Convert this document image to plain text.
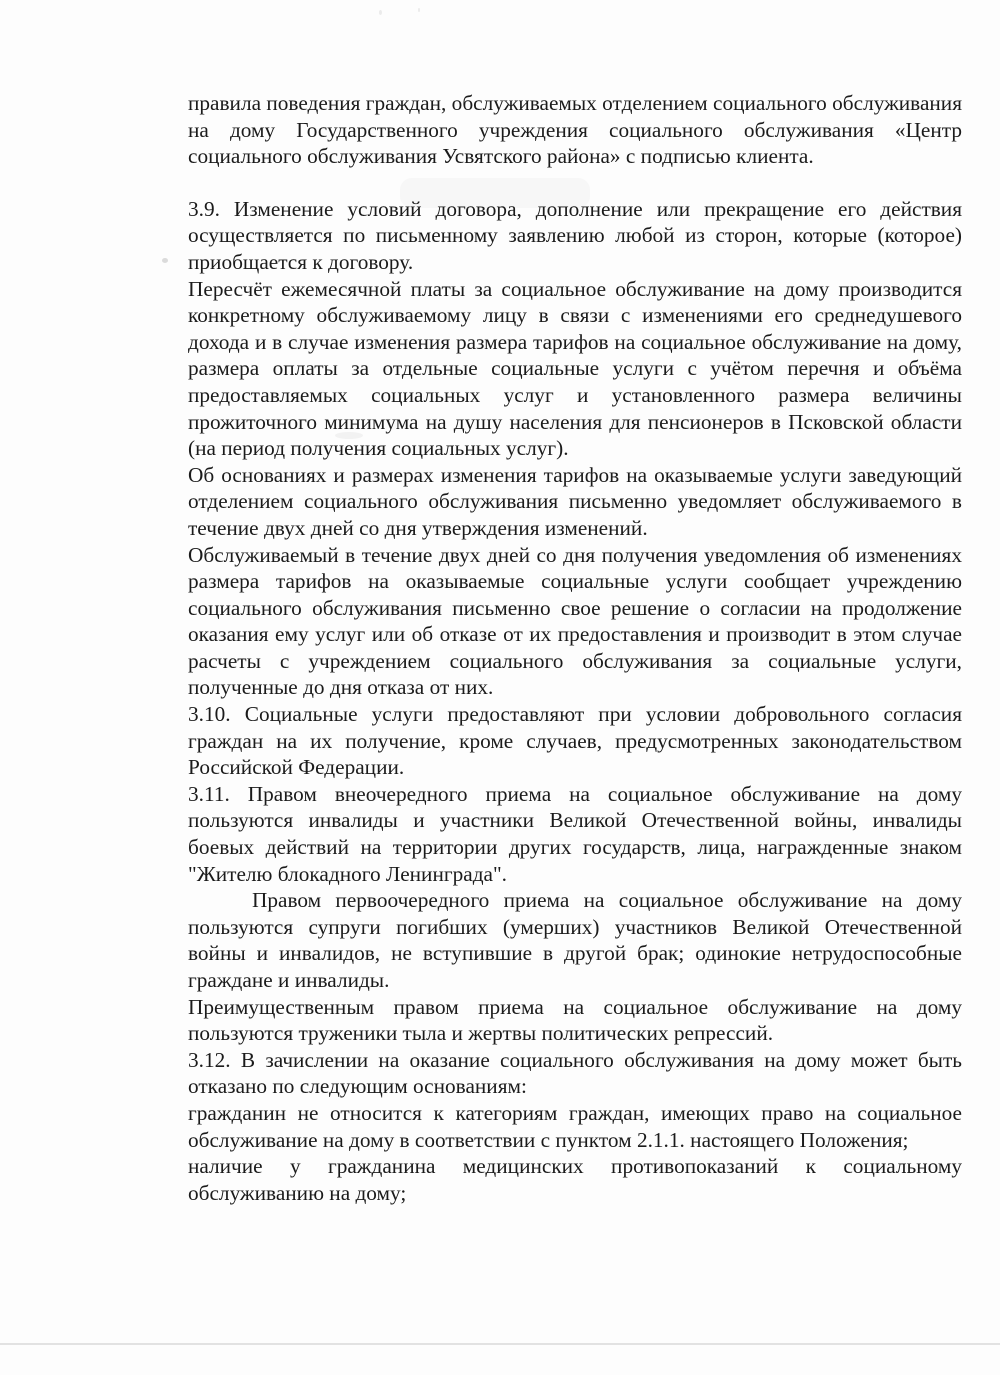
правила поведения граждан, обслуживаемых отделением социального обслуживания на дому Государственного учреждения социального обслуживания «Центр социального обслуживания Усвятского района» с подписью клиента.

3.9. Изменение условий договора, дополнение или прекращение его действия осуществляется по письменному заявлению любой из сторон, которые (которое) приобщается к договору.

Пересчёт ежемесячной платы за социальное обслуживание на дому производится конкретному обслуживаемому лицу в связи с изменениями его среднедушевого дохода и в случае изменения размера тарифов на социальное обслуживание на дому, размера оплаты за отдельные социальные услуги с учётом перечня и объёма предоставляемых социальных услуг и установленного размера величины прожиточного минимума на душу населения для пенсионеров в Псковской области (на период получения социальных услуг).

Об основаниях и размерах изменения тарифов на оказываемые услуги заведующий отделением социального обслуживания письменно уведомляет обслуживаемого в течение двух дней со дня утверждения изменений.

Обслуживаемый в течение двух дней со дня получения уведомления об изменениях размера тарифов на оказываемые социальные услуги сообщает учреждению социального обслуживания письменно свое решение о согласии на продолжение оказания ему услуг или об отказе от их предоставления и производит в этом случае расчеты с учреждением социального обслуживания за социальные услуги, полученные до дня отказа от них.

3.10. Социальные услуги предоставляют при условии добровольного согласия граждан на их получение, кроме случаев, предусмотренных законодательством Российской Федерации.

3.11. Правом внеочередного приема на социальное обслуживание на дому пользуются инвалиды и участники Великой Отечественной войны, инвалиды боевых действий на территории других государств, лица, награжденные знаком "Жителю блокадного Ленинграда".

Правом первоочередного приема на социальное обслуживание на дому пользуются супруги погибших (умерших) участников Великой Отечественной войны и инвалидов, не вступившие в другой брак; одинокие нетрудоспособные граждане и инвалиды.

Преимущественным правом приема на социальное обслуживание на дому пользуются труженики тыла и жертвы политических репрессий.

3.12. В зачислении на оказание социального обслуживания на дому может быть отказано по следующим основаниям:

гражданин не относится к категориям граждан, имеющих право на социальное обслуживание на дому в соответствии с пунктом 2.1.1. настоящего Положения;

наличие у гражданина медицинских противопоказаний к социальному обслуживанию на дому;
